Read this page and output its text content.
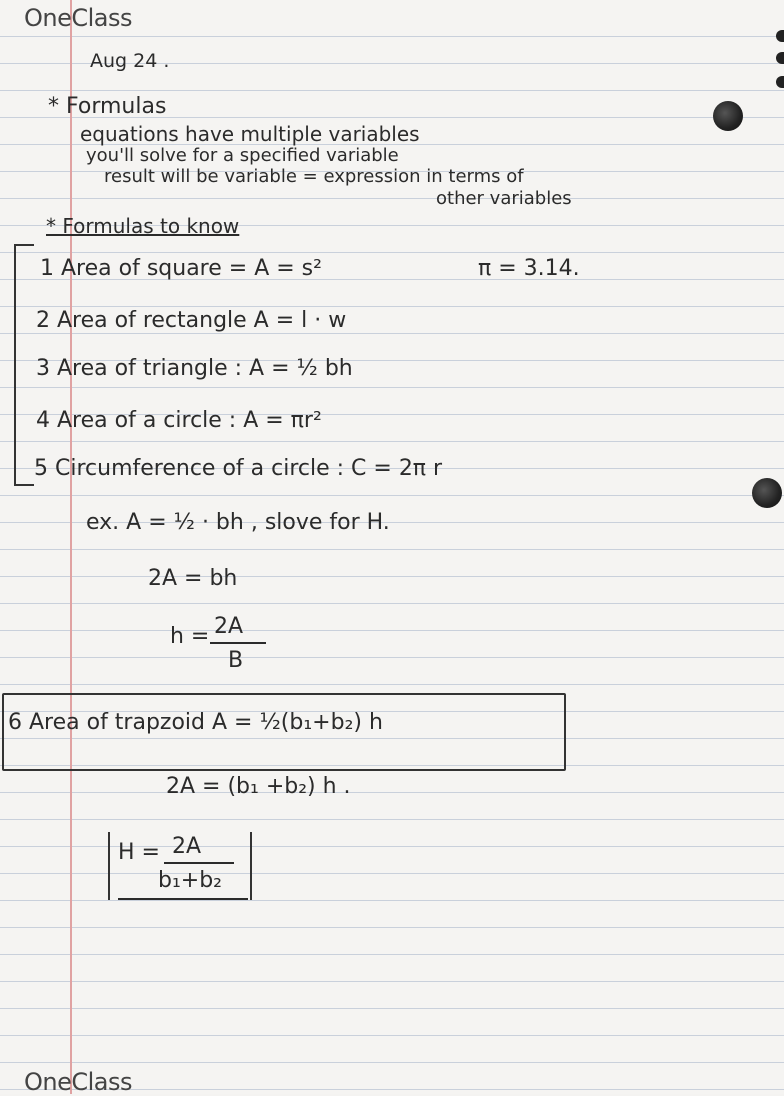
OneClass
Aug 24 .
* Formulas
equations have multiple variables
you'll solve for a specified variable
result will be variable = expression in terms of
other variables
* Formulas to know
1 Area of square = A = s²	π = 3.14.
2 Area of rectangle A = l · w
3 Area of triangle : A = ½ bh
4 Area of a circle : A = πr²
5 Circumference of a circle : C = 2π r
ex. A = ½ · bh , slove for H.
2A = bh
h = 2A
B
6 Area of trapzoid A = ½(b₁+b₂) h
2A = (b₁ +b₂) h .
H = 2A
b₁+b₂
OneClass
